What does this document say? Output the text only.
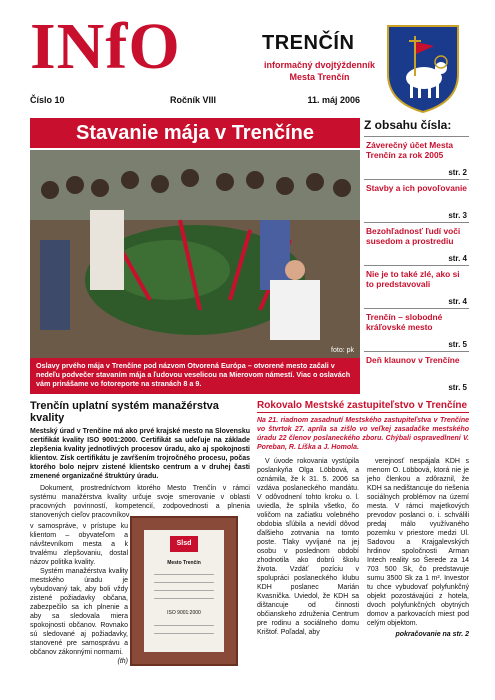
INfO	TRENČÍN
informačný dvojtýždenník
Mesta Trenčín
Číslo 10	Ročník VIII	11. máj 2006
Stavanie mája v Trenčíne
foto: pk
Oslavy prvého mája v Trenčíne pod názvom Otvorená Európa – otvorené mesto začali v nedeľu podvečer stavaním mája a ľudovou veselicou na Mierovom námestí. Viac o oslavách vám prinášame vo fotoreporte na stranách 8 a 9.
Z obsahu čísla:
Záverečný účet Mesta Trenčín za rok 2005
str. 2
Stavby a ich povoľovanie
str. 3
Bezohľadnosť ľudí voči susedom a prostrediu
str. 4
Nie je to také zlé, ako si to predstavovali
str. 4
Trenčín – slobodné kráľovské mesto
str. 5
Deň klaunov v Trenčíne
str. 5
Trenčín uplatní systém manažérstva kvality
Mestský úrad v Trenčíne má ako prvé krajské mesto na Slovensku certifikát kvality ISO 9001:2000. Certifikát sa udeľuje na základe zlepšenia kvality jednotlivých procesov úradu, ako aj spokojnosti klientov. Získ certifikátu je zavŕšením trojročného procesu, počas ktorého bolo nejprv zistené klientsko centrum a v druhej časti zmenené organizačné štruktúry úradu.

Dokument, prostredníctvom ktorého Mesto Trenčín v rámci systému manažérstva kvality určuje svoje smerovanie v oblasti pracovných povinností, kompetencií, zodpovednosti a plnenia stanovených cieľov pracovníkov

v samospráve, v prístupe ku klientom – obyvateľom a návštevníkom mesta a k trvalému zlepšovaniu, dostal názov politika kvality.

Systém manažérstva kvality mestského úradu je vybudovaný tak, aby boli vždy zistené požiadavky občana, zabezpečilo sa ich plnenie a aby sa sledovala miera spokojnosti občanov. Rovnako sú sledované aj požiadavky, stanovené pre samosprávu a občanov zákonnými normami.

(th)

Slsd
Mesto Trenčín
ISO 9001:2000
Rokovalo Mestské zastupiteľstvo v Trenčíne
Na 21. riadnom zasadnutí Mestského zastupiteľstva v Trenčíne vo štvrtok 27. apríla sa zišlo vo veľkej zasadačke mestského úradu 22 členov poslaneckého zboru. Chýbali ospravedlnení V. Poreban, R. Líška a J. Homola.

V úvode rokovania vystúpila poslankyňa Olga Löbbová, a oznámila, že k 31. 5. 2006 sa vzdáva poslaneckého mandátu. V odôvodnení tohto kroku o. l. uviedla, že splnila všetko, čo voličom na začiatku volebného obdobia sľúbila a nevidí dôvod ďalšieho zotrvania na tomto poste. Tlaky vyvíjané na jej osobu v poslednom období zhodnotila ako dobrú školu života. Vzdáť pozíciu v spolupráci poslaneckého klubu KDH poslanec Marián Kvasnička. Uviedol, že KDH sa dištancuje od činnosti občianskeho združenia Centrum pre rodinu a sociálneho domu Krištof. Poľadal, aby

verejnosť nespájala KDH s menom O. Löbbová, ktorá nie je jeho členkou a zdôraznil, že KDH sa nedištancuje do riešenia sociálnych problémov na území mesta. V rámci majetkových prevodov poslanci o. i. schválili predaj málo využívaného pozemku v priestore medzi Ul. Sadovou a Krajgalevských hrdinov spoločnosti Arman Intech reality so Šerede za 14 703 500 Sk, čo predstavuje sumu 3500 Sk za 1 m². Investor tu chce vybudovať polyfunkčný objekt pozostávajúci z hotela, dvoch polyfunkčných obytných domov a parkovacích miest pod celým objektom.

pokračovanie na str. 2
